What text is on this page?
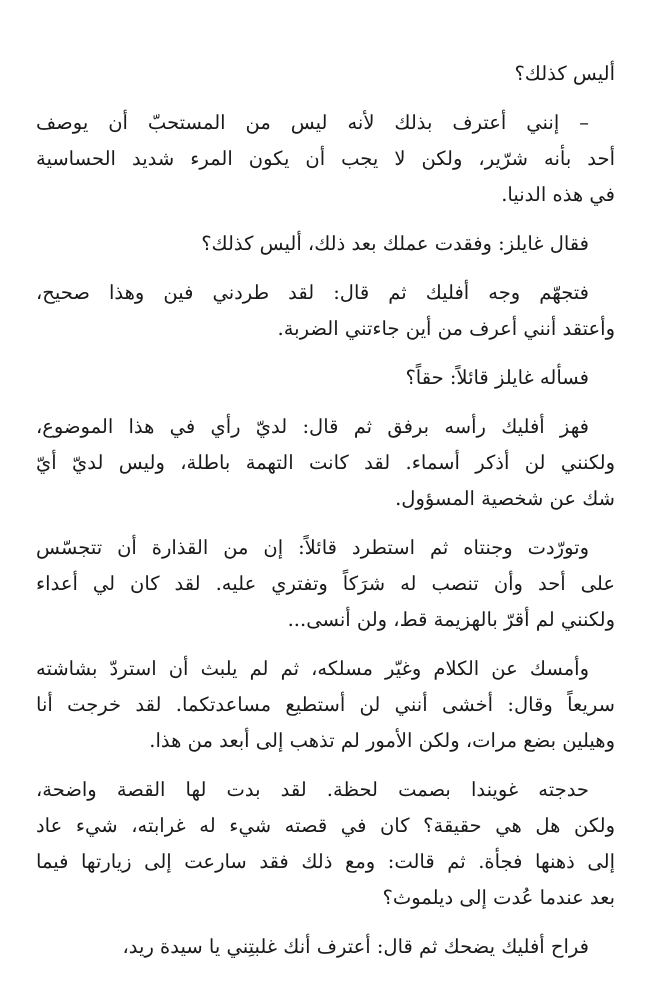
أليس كذلك؟

– إنني أعترف بذلك لأنه ليس من المستحبّ أن يوصف
أحد بأنه شرّير، ولكن لا يجب أن يكون المرء شديد الحساسية
في هذه الدنيا.

فقال غايلز: وفقدت عملك بعد ذلك، أليس كذلك؟

فتجهّم وجه أفليك ثم قال: لقد طردني فين وهذا صحيح،
وأعتقد أنني أعرف من أين جاءتني الضربة.

فسأله غايلز قائلاً: حقاً؟

فهز أفليك رأسه برفق ثم قال: لديّ رأي في هذا الموضوع،
ولكنني لن أذكر أسماء. لقد كانت التهمة باطلة، وليس لديّ أيّ
شك عن شخصية المسؤول.

وتورّدت وجنتاه ثم استطرد قائلاً: إن من القذارة أن تتجسّس
على أحد وأن تنصب له شرَكاً وتفتري عليه. لقد كان لي أعداء
ولكنني لم أقرّ بالهزيمة قط، ولن أنسى...

وأمسك عن الكلام وغيّر مسلكه، ثم لم يلبث أن استردّ بشاشته
سريعاً وقال: أخشى أنني لن أستطيع مساعدتكما. لقد خرجت أنا
وهيلين بضع مرات، ولكن الأمور لم تذهب إلى أبعد من هذا.

حدجته غويندا بصمت لحظة. لقد بدت لها القصة واضحة،
ولكن هل هي حقيقة؟ كان في قصته شيء له غرابته، شيء عاد
إلى ذهنها فجأة. ثم قالت: ومع ذلك فقد سارعت إلى زيارتها فيما
بعد عندما عُدت إلى ديلموث؟

فراح أفليك يضحك ثم قال: أعترف أنك غلبتِني يا سيدة ريد،
